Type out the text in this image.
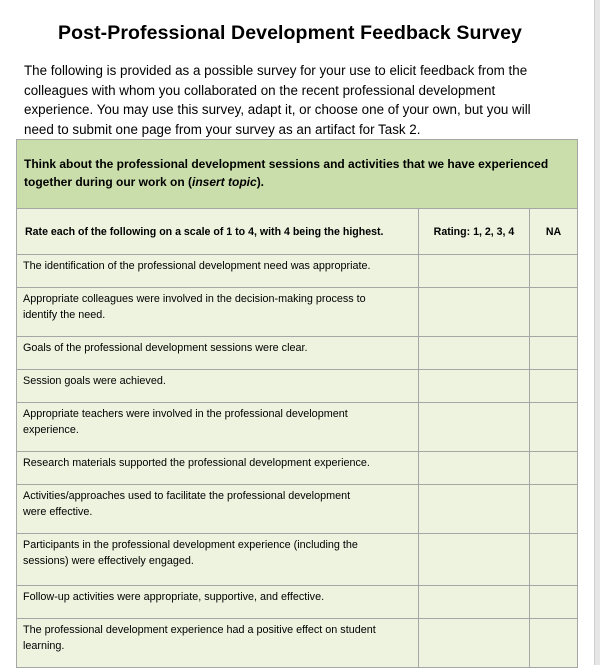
Post-Professional Development Feedback Survey
The following is provided as a possible survey for your use to elicit feedback from the
colleagues with whom you collaborated on the recent professional development
experience. You may use this survey, adapt it, or choose one of your own, but you will
need to submit one page from your survey as an artifact for Task 2.
Think about the professional development sessions and activities that we have experienced
together during our work on (insert topic).		

Rate each of the following on a scale of 1 to 4, with 4 being the highest.	Rating: 1, 2, 3, 4	NA

The identification of the professional development need was appropriate.		

Appropriate colleagues were involved in the decision-making process to
identify the need.		

Goals of the professional development sessions were clear.		

Session goals were achieved.		

Appropriate teachers were involved in the professional development
experience.		

Research materials supported the professional development experience.		

Activities/approaches used to facilitate the professional development
were effective.		

Participants in the professional development experience (including the
sessions) were effectively engaged.		

Follow-up activities were appropriate, supportive, and effective.		

The professional development experience had a positive effect on student
learning.		
